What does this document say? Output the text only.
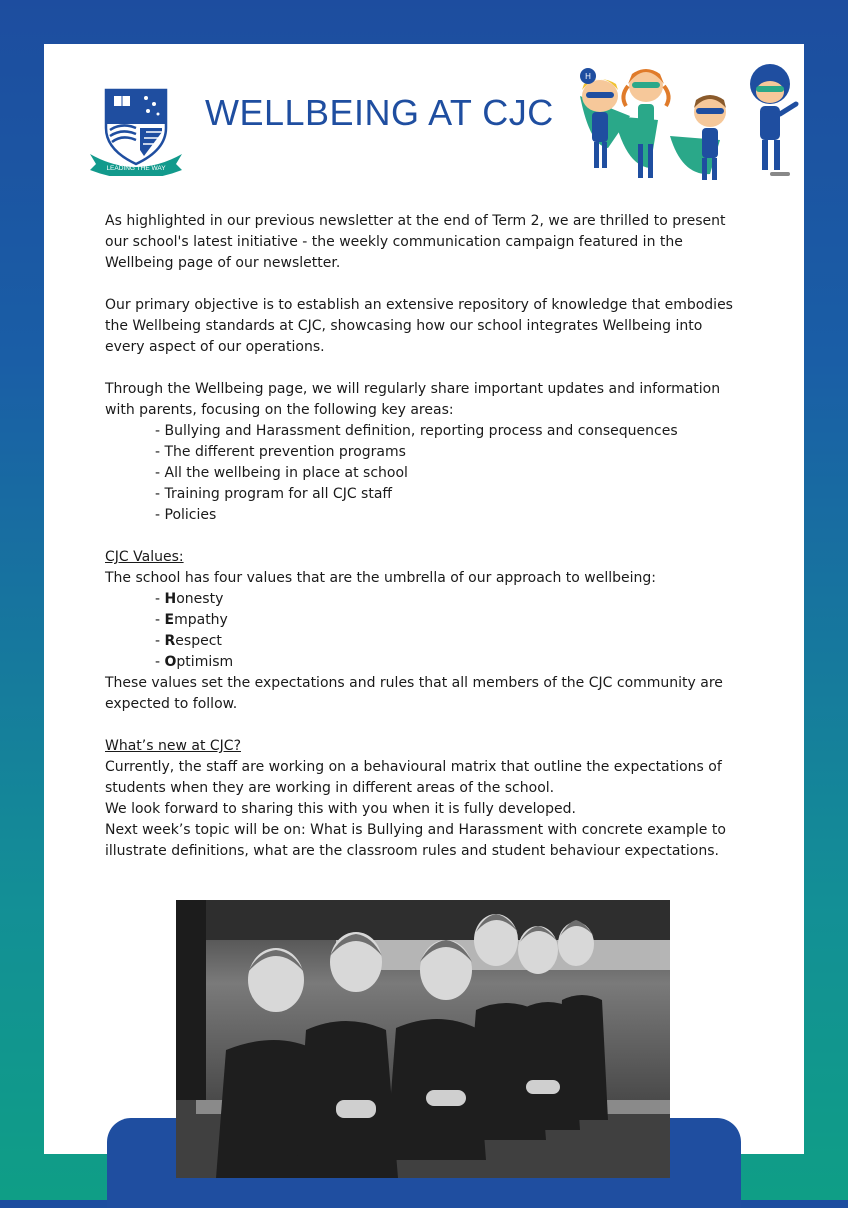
LEADING THE WAY
WELLBEING AT CJC
H

As highlighted in our previous newsletter at the end of Term 2, we are thrilled to present our school's latest initiative - the weekly communication campaign featured in the Wellbeing page of our newsletter.

Our primary objective is to establish an extensive repository of knowledge that embodies the Wellbeing standards at CJC, showcasing how our school integrates Wellbeing into every aspect of our operations.

Through the Wellbeing page, we will regularly share important updates and information with parents, focusing on the following key areas:

- Bullying and Harassment definition, reporting process and consequences
- The different prevention programs
- All the wellbeing in place at school
- Training program for all CJC staff
- Policies
CJC Values:
The school has four values that are the umbrella of our approach to wellbeing:
- Honesty
- Empathy
- Respect
- Optimism

These values set the expectations and rules that all members of the CJC community are expected to follow.

What’s new at CJC?
Currently, the staff are working on a behavioural matrix that outline the expectations of students when they are working in different areas of the school.
We look forward to sharing this with you when it is fully developed.
Next week’s topic will be on: What is Bullying and Harassment with concrete example to illustrate definitions, what are the classroom rules and student behaviour expectations.
